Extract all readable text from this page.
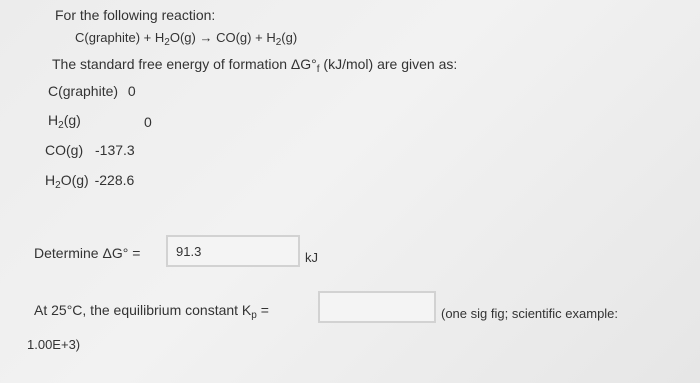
For the following reaction:
C(graphite) + $H_2O(g) \to CO(g) + H_2(g)$
The standard free energy of formation $\Delta G^\circ_f$ (kJ/mol) are given as:
C(graphite) 0
$H_2(g)$	0
CO(g) -137.3
$H_2O(g)$ -228.6
Determine ΔG° =
91.3	kJ
At 25°C, the equilibrium constant $K_p$ =	(one sig fig; scientific example:
1.00E+3)
